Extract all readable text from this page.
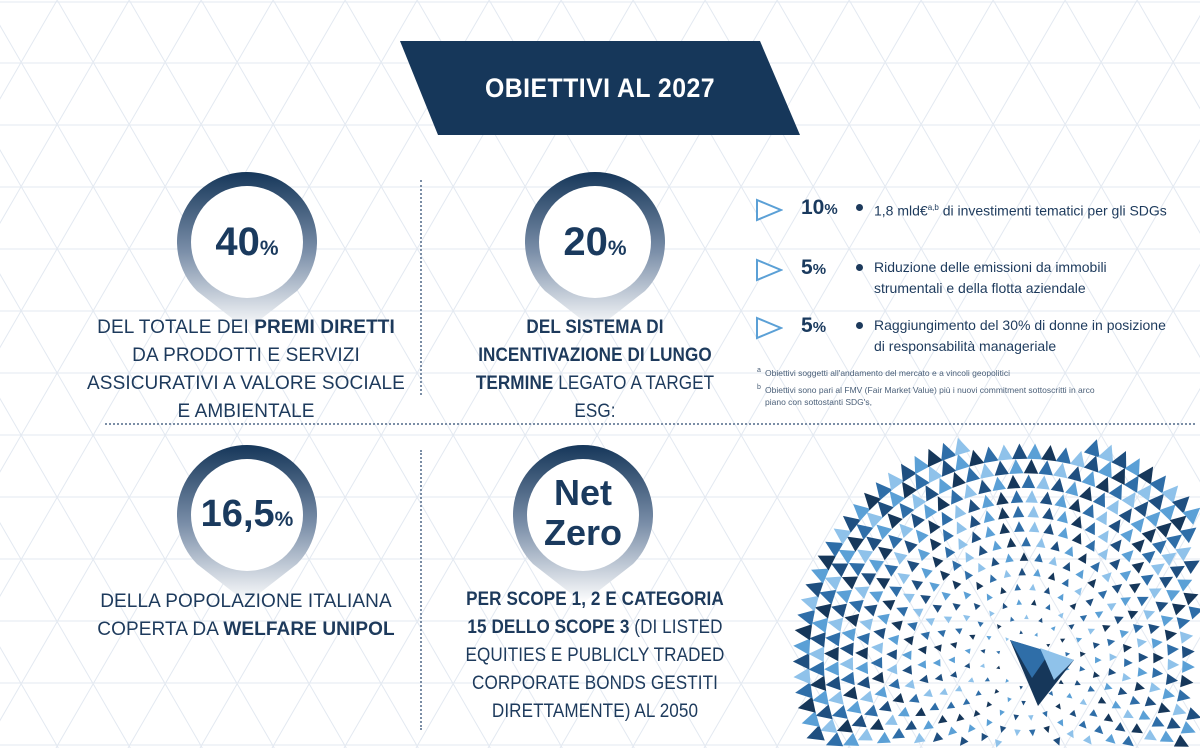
OBIETTIVI AL 2027
40%
DEL TOTALE DEI PREMI DIRETTI DA PRODOTTI E SERVIZI ASSICURATIVI A VALORE SOCIALE E AMBIENTALE
20%
DEL SISTEMA DI INCENTIVAZIONE DI LUNGO TERMINE LEGATO A TARGET ESG:
16,5%
DELLA POPOLAZIONE ITALIANA COPERTA DA WELFARE UNIPOL
Net
Zero
PER SCOPE 1, 2 E CATEGORIA 15 DELLO SCOPE 3 (DI LISTED EQUITIES E PUBLICLY TRADED CORPORATE BONDS GESTITI DIRETTAMENTE) AL 2050
10%	1,8 mld€$^{a,b}$ di investimenti tematici per gli SDGs
5%	Riduzione delle emissioni da immobili strumentali e della flotta aziendale
5%	Raggiungimento del 30% di donne in posizione di responsabilità manageriale
a Obiettivi soggetti all'andamento del mercato e a vincoli geopolitici
b Obiettivi sono pari al FMV (Fair Market Value) più i nuovi commitment sottoscritti in arco piano con sottostanti SDG's,
